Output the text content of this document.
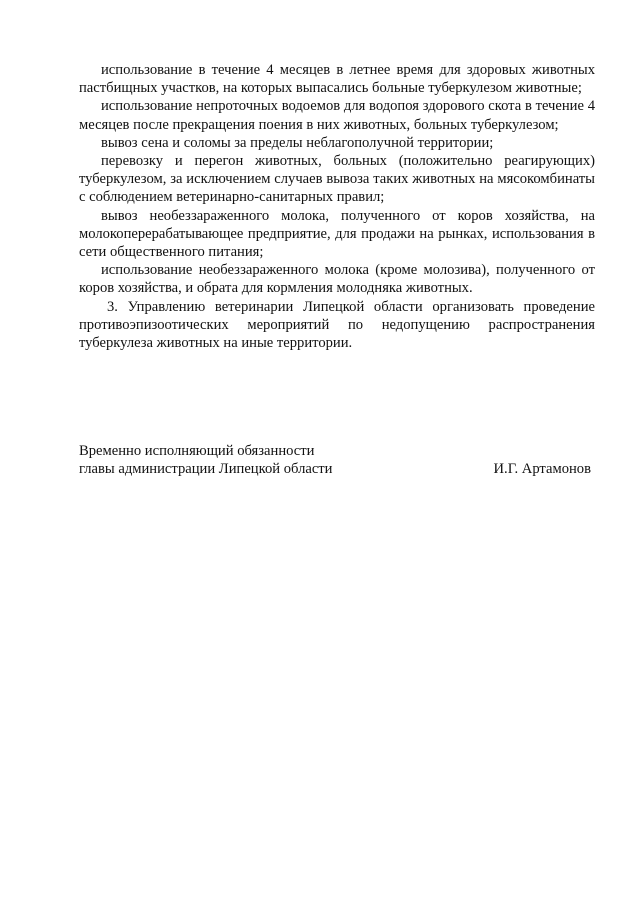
использование в течение 4 месяцев в летнее время для здоровых животных пастбищных участков, на которых выпасались больные туберкулезом животные;

использование непроточных водоемов для водопоя здорового скота в течение 4 месяцев после прекращения поения в них животных, больных туберкулезом;

вывоз сена и соломы за пределы неблагополучной территории;

перевозку и перегон животных, больных (положительно реагирующих) туберкулезом, за исключением случаев вывоза таких животных на мясокомбинаты с соблюдением ветеринарно-санитарных правил;

вывоз необеззараженного молока, полученного от коров хозяйства, на молокоперерабатывающее предприятие, для продажи на рынках, использования в сети общественного питания;

использование необеззараженного молока (кроме молозива), полученного от коров хозяйства, и обрата для кормления молодняка животных.

3. Управлению ветеринарии Липецкой области организовать проведение противоэпизоотических мероприятий по недопущению распространения туберкулеза животных на иные территории.

Временно исполняющий обязанности
главы администрации Липецкой области	И.Г. Артамонов
